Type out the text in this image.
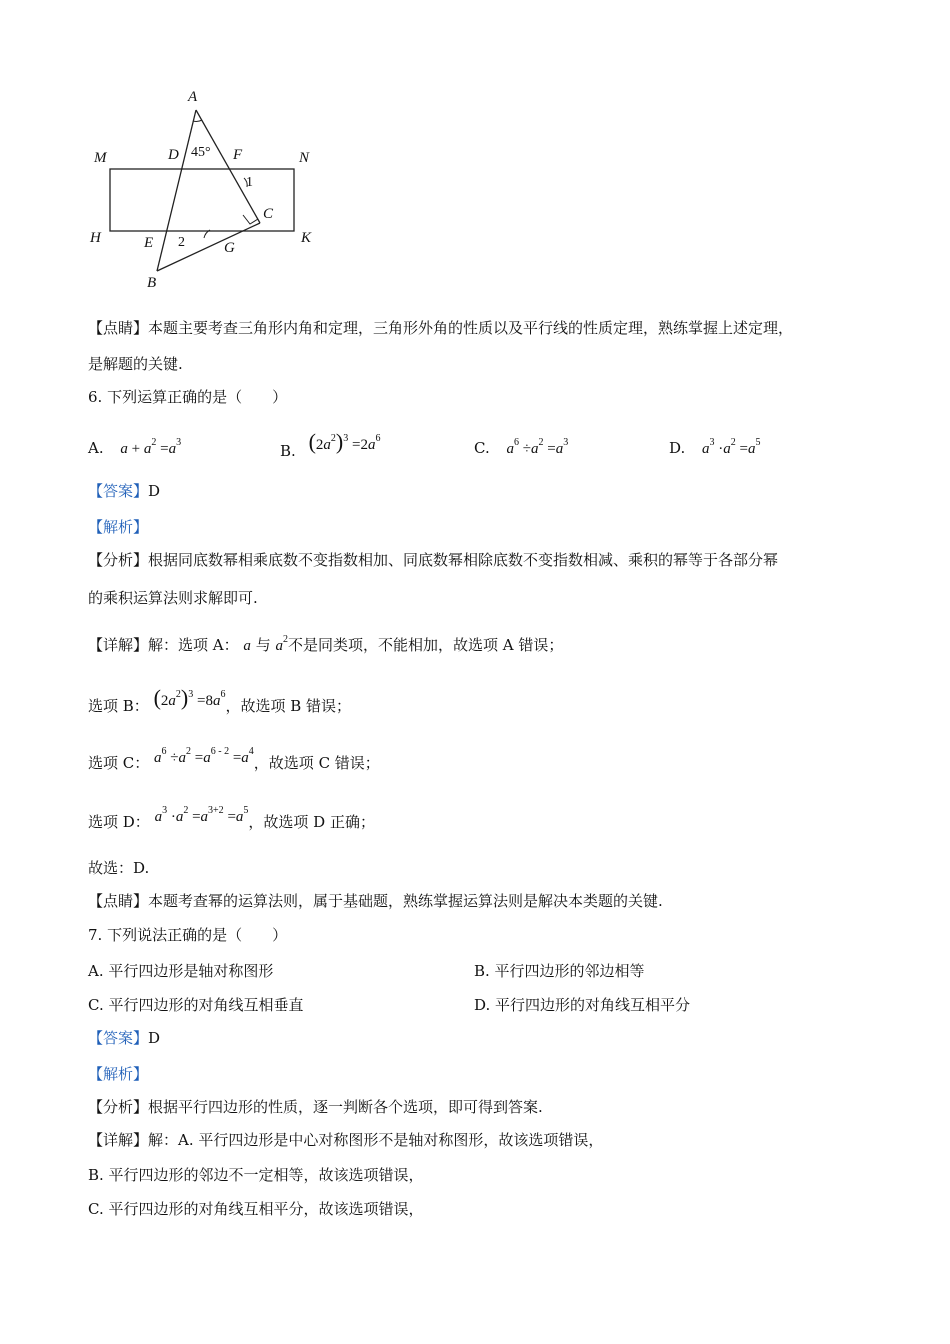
A
M	D 45° F	N
1
C
H	E 2	G
K
B
【点睛】本题主要考查三角形内角和定理，三角形外角的性质以及平行线的性质定理，熟练掌握上述定理，
是解题的关键.
6. 下列运算正确的是（　　）
A. $a + a^2 =a^3$	B. $(2a^2)^3 =2a^6$
C. $a^6 \div a^2 =a^3$	D. $a^3 \cdot a^2 =a^5$
【答案】D
【解析】
【分析】根据同底数幂相乘底数不变指数相加、同底数幂相除底数不变指数相减、乘积的幂等于各部分幂
的乘积运算法则求解即可.
【详解】解：选项 A： a 与 $a^2$不是同类项，不能相加，故选项 A 错误；
选项 B： $(2a^2)^3 =8a^6$，故选项 B 错误；
选项 C： $a^6 \div a^2 =a^{6 - 2} =a^4$，故选项 C 错误；
选项 D： $a^3 \cdot a^2 =a^{3+2} =a^5$，故选项 D 正确；
故选：D.
【点睛】本题考查幂的运算法则，属于基础题，熟练掌握运算法则是解决本类题的关键.
7. 下列说法正确的是（　　）
A. 平行四边形是轴对称图形	B. 平行四边形的邻边相等
C. 平行四边形的对角线互相垂直	D. 平行四边形的对角线互相平分
【答案】D
【解析】
【分析】根据平行四边形的性质，逐一判断各个选项，即可得到答案.
【详解】解：A. 平行四边形是中心对称图形不是轴对称图形，故该选项错误，
B. 平行四边形的邻边不一定相等，故该选项错误，
C. 平行四边形的对角线互相平分，故该选项错误，
